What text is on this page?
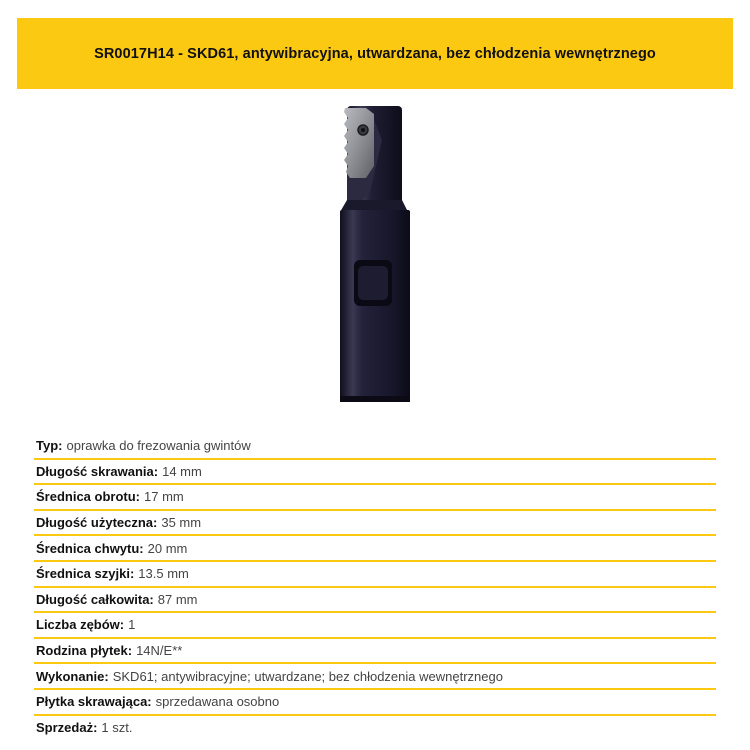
SR0017H14 - SKD61, antywibracyjna, utwardzana, bez chłodzenia wewnętrznego
Typ: oprawka do frezowania gwintów
Długość skrawania: 14 mm
Średnica obrotu: 17 mm
Długość użyteczna: 35 mm
Średnica chwytu: 20 mm
Średnica szyjki: 13.5 mm
Długość całkowita: 87 mm
Liczba zębów: 1
Rodzina płytek: 14N/E**
Wykonanie: SKD61; antywibracyjne; utwardzane; bez chłodzenia wewnętrznego
Płytka skrawająca: sprzedawana osobno
Sprzedaż: 1 szt.
